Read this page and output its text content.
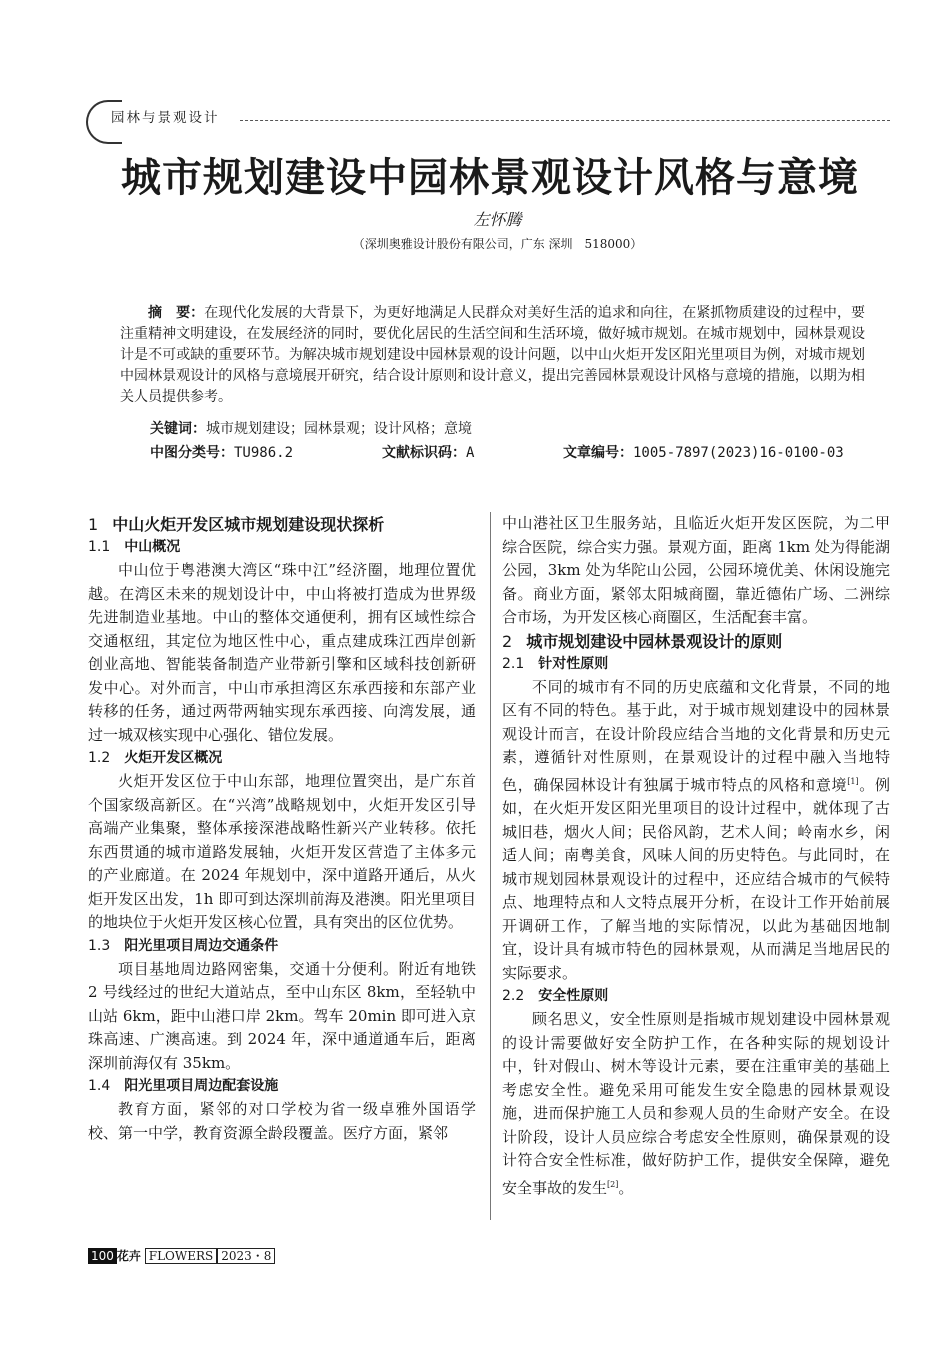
园林与景观设计
城市规划建设中园林景观设计风格与意境
左怀腾
（深圳奥雅设计股份有限公司，广东 深圳　518000）
摘　要：在现代化发展的大背景下，为更好地满足人民群众对美好生活的追求和向往，在紧抓物质建设的过程中，要注重精神文明建设，在发展经济的同时，要优化居民的生活空间和生活环境，做好城市规划。在城市规划中，园林景观设计是不可或缺的重要环节。为解决城市规划建设中园林景观的设计问题，以中山火炬开发区阳光里项目为例，对城市规划中园林景观设计的风格与意境展开研究，结合设计原则和设计意义，提出完善园林景观设计风格与意境的措施，以期为相关人员提供参考。
关键词：城市规划建设；园林景观；设计风格；意境
中图分类号：TU986.2	文献标识码：A	文章编号：1005-7897(2023)16-0100-03
1 中山火炬开发区城市规划建设现状探析
1.1 中山概况

中山位于粤港澳大湾区“珠中江”经济圈，地理位置优越。在湾区未来的规划设计中，中山将被打造成为世界级先进制造业基地。中山的整体交通便利，拥有区域性综合交通枢纽，其定位为地区性中心，重点建成珠江西岸创新创业高地、智能装备制造产业带新引擎和区域科技创新研发中心。对外而言，中山市承担湾区东承西接和东部产业转移的任务，通过两带两轴实现东承西接、向湾发展，通过一城双核实现中心强化、错位发展。

1.2 火炬开发区概况

火炬开发区位于中山东部，地理位置突出，是广东首个国家级高新区。在“兴湾”战略规划中，火炬开发区引导高端产业集聚，整体承接深港战略性新兴产业转移。依托东西贯通的城市道路发展轴，火炬开发区营造了主体多元的产业廊道。在 2024 年规划中，深中道路开通后，从火炬开发区出发，1h 即可到达深圳前海及港澳。阳光里项目的地块位于火炬开发区核心位置，具有突出的区位优势。

1.3 阳光里项目周边交通条件

项目基地周边路网密集，交通十分便利。附近有地铁 2 号线经过的世纪大道站点，至中山东区 8km，至轻轨中山站 6km，距中山港口岸 2km。驾车 20min 即可进入京珠高速、广澳高速。到 2024 年，深中通道通车后，距离深圳前海仅有 35km。

1.4 阳光里项目周边配套设施

教育方面，紧邻的对口学校为省一级卓雅外国语学校、第一中学，教育资源全龄段覆盖。医疗方面，紧邻

中山港社区卫生服务站，且临近火炬开发区医院，为二甲综合医院，综合实力强。景观方面，距离 1km 处为得能湖公园，3km 处为华陀山公园，公园环境优美、休闲设施完备。商业方面，紧邻太阳城商圈，靠近德佑广场、二洲综合市场，为开发区核心商圈区，生活配套丰富。

2 城市规划建设中园林景观设计的原则
2.1 针对性原则

不同的城市有不同的历史底蕴和文化背景，不同的地区有不同的特色。基于此，对于城市规划建设中的园林景观设计而言，在设计阶段应结合当地的文化背景和历史元素，遵循针对性原则，在景观设计的过程中融入当地特色，确保园林设计有独属于城市特点的风格和意境[1]。例如，在火炬开发区阳光里项目的设计过程中，就体现了古城旧巷，烟火人间；民俗风韵，艺术人间；岭南水乡，闲适人间；南粤美食，风味人间的历史特色。与此同时，在城市规划园林景观设计的过程中，还应结合城市的气候特点、地理特点和人文特点展开分析，在设计工作开始前展开调研工作，了解当地的实际情况，以此为基础因地制宜，设计具有城市特色的园林景观，从而满足当地居民的实际要求。

2.2 安全性原则

顾名思义，安全性原则是指城市规划建设中园林景观的设计需要做好安全防护工作，在各种实际的规划设计中，针对假山、树木等设计元素，要在注重审美的基础上考虑安全性。避免采用可能发生安全隐患的园林景观设施，进而保护施工人员和参观人员的生命财产安全。在设计阶段，设计人员应综合考虑安全性原则，确保景观的设计符合安全性标准，做好防护工作，提供安全保障，避免安全事故的发生[2]。

100 花卉 FLOWERS 2023・8
